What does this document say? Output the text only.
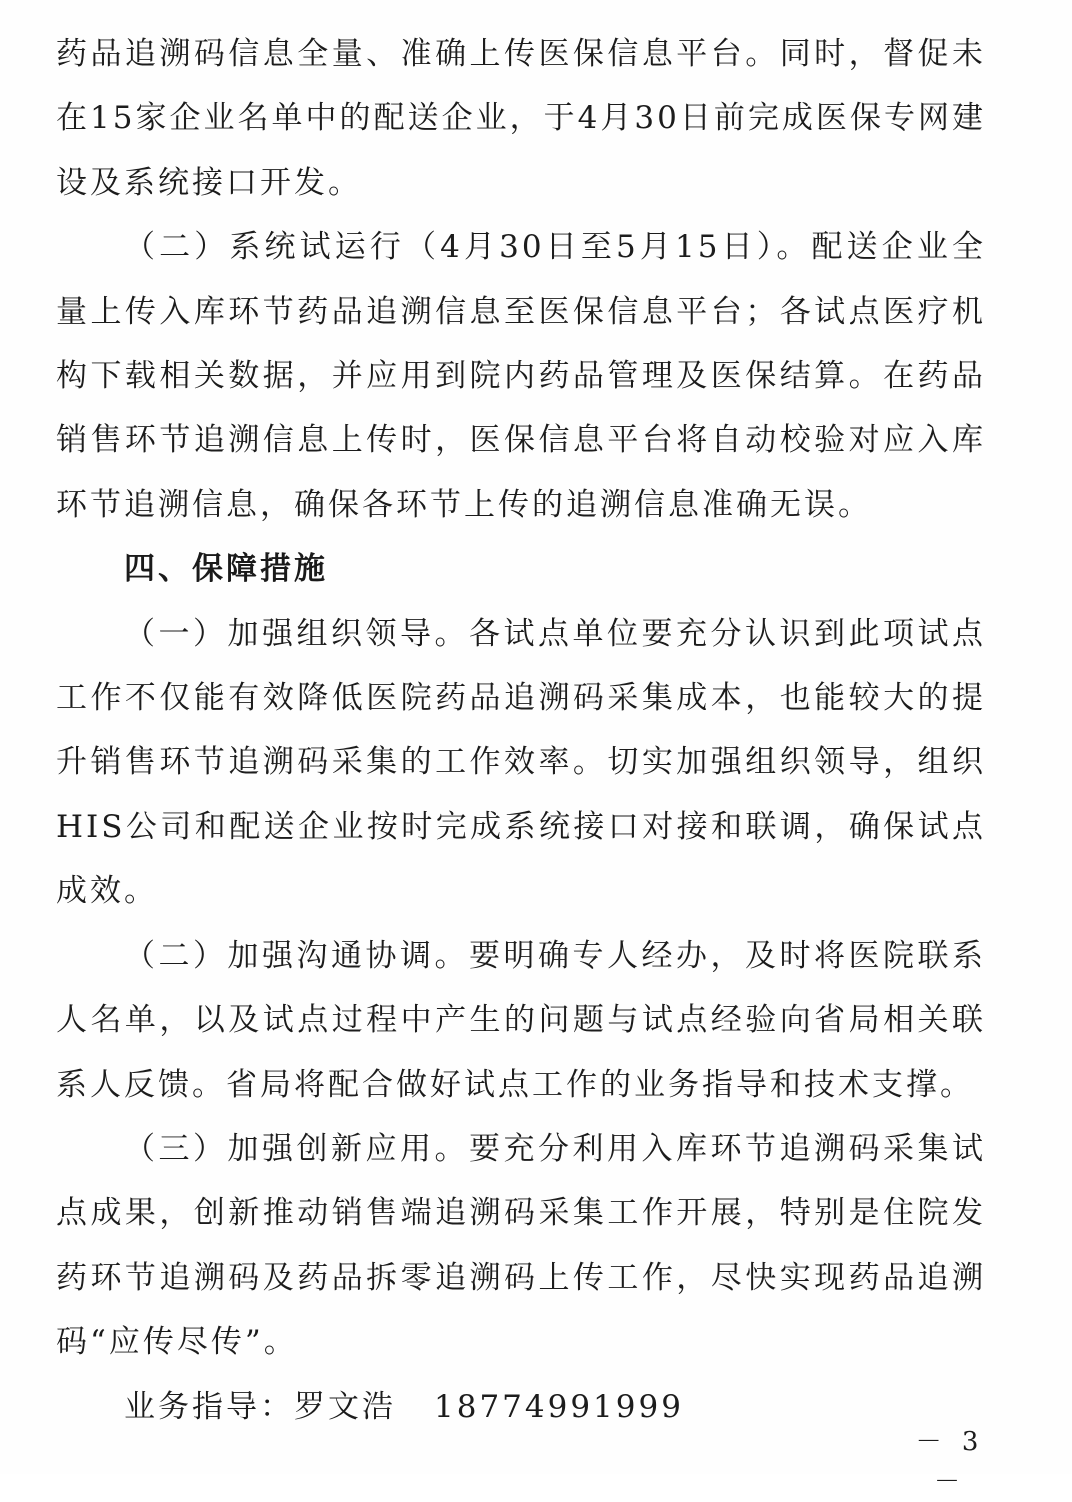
药品追溯码信息全量、准确上传医保信息平台。同时，督促未在15家企业名单中的配送企业，于4月30日前完成医保专网建设及系统接口开发。

（二）系统试运行（4月30日至5月15日）。配送企业全量上传入库环节药品追溯信息至医保信息平台；各试点医疗机构下载相关数据，并应用到院内药品管理及医保结算。在药品销售环节追溯信息上传时，医保信息平台将自动校验对应入库环节追溯信息，确保各环节上传的追溯信息准确无误。

四、保障措施

（一）加强组织领导。各试点单位要充分认识到此项试点工作不仅能有效降低医院药品追溯码采集成本，也能较大的提升销售环节追溯码采集的工作效率。切实加强组织领导，组织HIS公司和配送企业按时完成系统接口对接和联调，确保试点成效。

（二）加强沟通协调。要明确专人经办，及时将医院联系人名单，以及试点过程中产生的问题与试点经验向省局相关联系人反馈。省局将配合做好试点工作的业务指导和技术支撑。

（三）加强创新应用。要充分利用入库环节追溯码采集试点成果，创新推动销售端追溯码采集工作开展，特别是住院发药环节追溯码及药品拆零追溯码上传工作，尽快实现药品追溯码“应传尽传”。

业务指导：罗文浩 18774991999

－ 3 －
